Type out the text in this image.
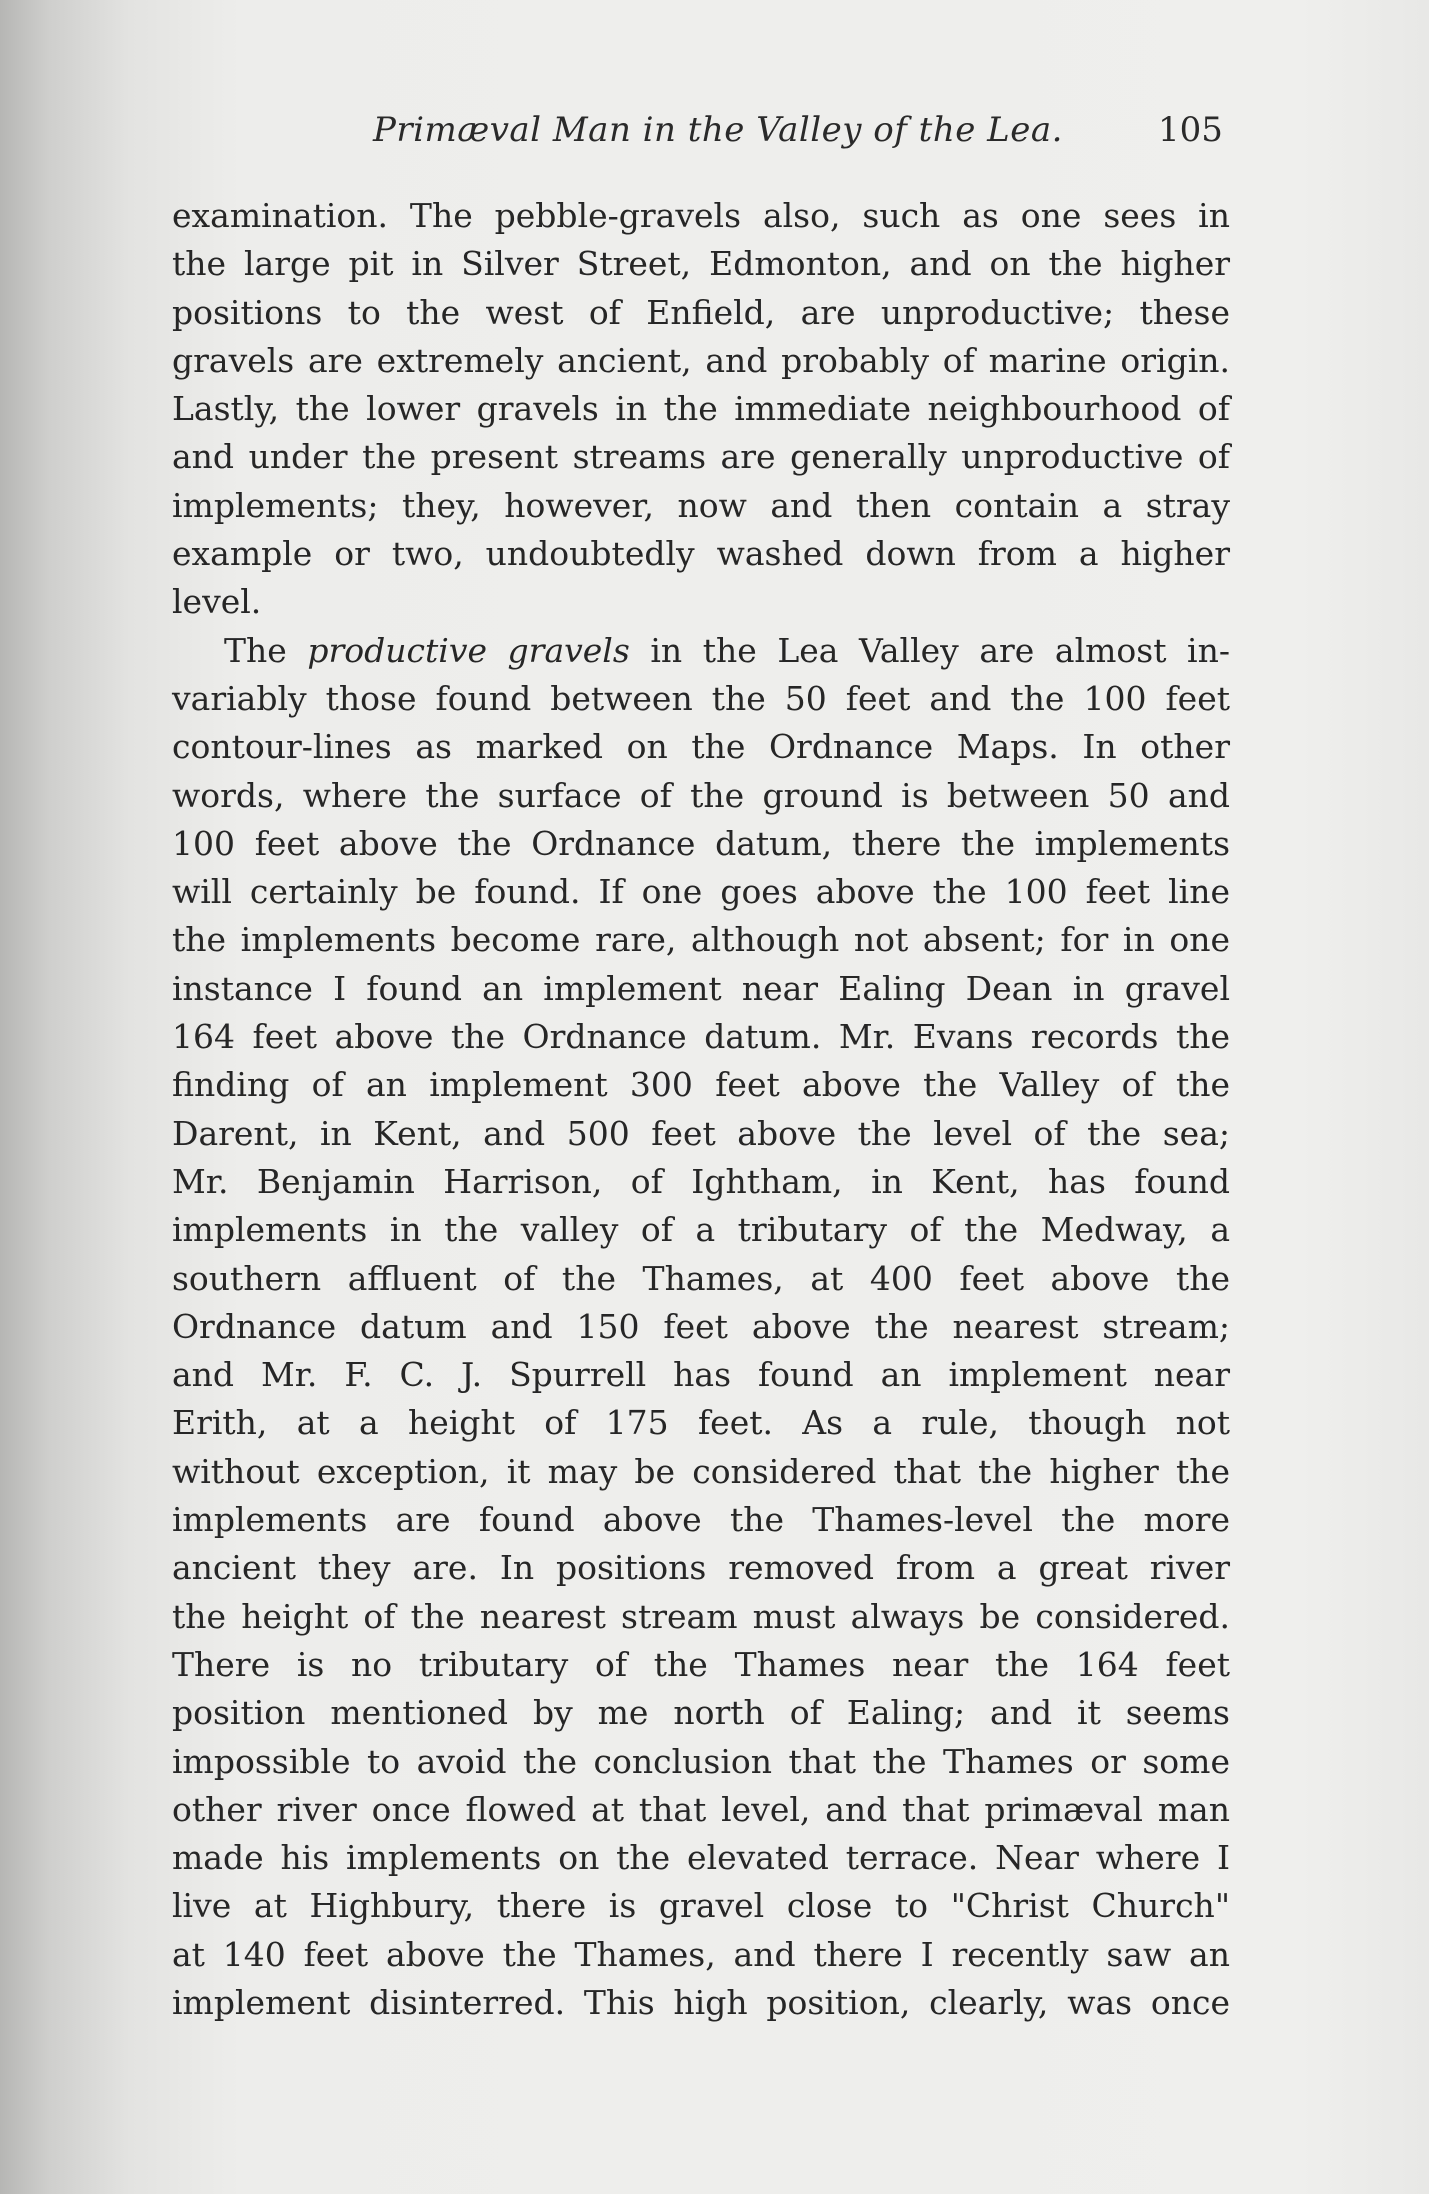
Primæval Man in the Valley of the Lea.	105
examination. The pebble-gravels also, such as one sees in
the large pit in Silver Street, Edmonton, and on the higher
positions to the west of Enfield, are unproductive; these
gravels are extremely ancient, and probably of marine origin.
Lastly, the lower gravels in the immediate neighbourhood of
and under the present streams are generally unproductive of
implements; they, however, now and then contain a stray
example or two, undoubtedly washed down from a higher
level.
The productive gravels in the Lea Valley are almost in-
variably those found between the 50 feet and the 100 feet
contour-lines as marked on the Ordnance Maps. In other
words, where the surface of the ground is between 50 and
100 feet above the Ordnance datum, there the implements
will certainly be found. If one goes above the 100 feet line
the implements become rare, although not absent; for in one
instance I found an implement near Ealing Dean in gravel
164 feet above the Ordnance datum. Mr. Evans records the
finding of an implement 300 feet above the Valley of the
Darent, in Kent, and 500 feet above the level of the sea;
Mr. Benjamin Harrison, of Ightham, in Kent, has found
implements in the valley of a tributary of the Medway, a
southern affluent of the Thames, at 400 feet above the
Ordnance datum and 150 feet above the nearest stream;
and Mr. F. C. J. Spurrell has found an implement near
Erith, at a height of 175 feet. As a rule, though not
without exception, it may be considered that the higher the
implements are found above the Thames-level the more
ancient they are. In positions removed from a great river
the height of the nearest stream must always be considered.
There is no tributary of the Thames near the 164 feet
position mentioned by me north of Ealing; and it seems
impossible to avoid the conclusion that the Thames or some
other river once flowed at that level, and that primæval man
made his implements on the elevated terrace. Near where I
live at Highbury, there is gravel close to "Christ Church"
at 140 feet above the Thames, and there I recently saw an
implement disinterred. This high position, clearly, was once
